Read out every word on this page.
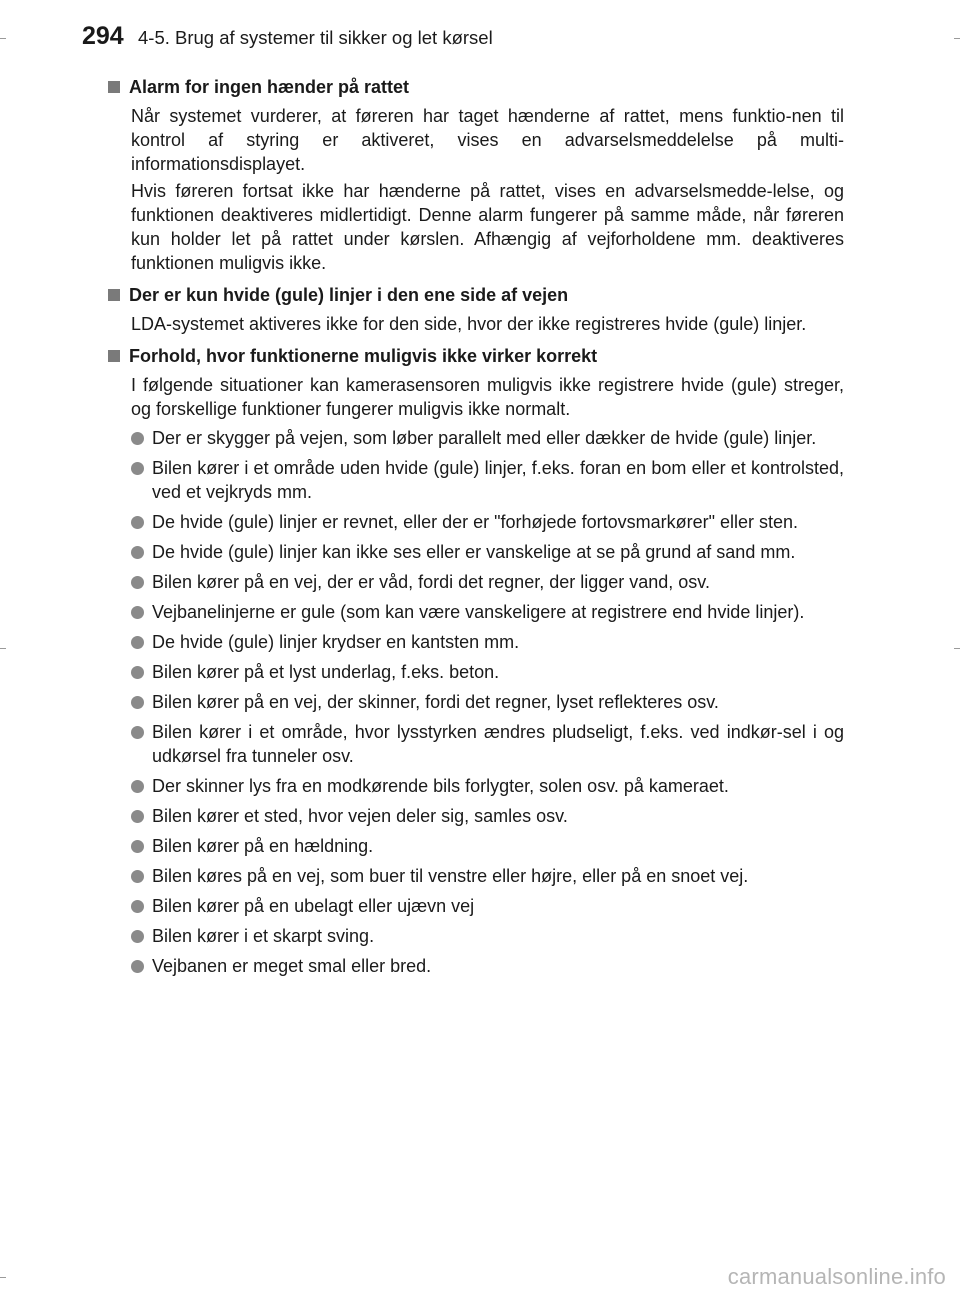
294 4-5. Brug af systemer til sikker og let kørsel
Alarm for ingen hænder på rattet
Når systemet vurderer, at føreren har taget hænderne af rattet, mens funktio-nen til kontrol af styring er aktiveret, vises en advarselsmeddelelse på multi-informationsdisplayet.
Hvis føreren fortsat ikke har hænderne på rattet, vises en advarselsmedde-lelse, og funktionen deaktiveres midlertidigt. Denne alarm fungerer på samme måde, når føreren kun holder let på rattet under kørslen. Afhængig af vejforholdene mm. deaktiveres funktionen muligvis ikke.
Der er kun hvide (gule) linjer i den ene side af vejen
LDA-systemet aktiveres ikke for den side, hvor der ikke registreres hvide (gule) linjer.
Forhold, hvor funktionerne muligvis ikke virker korrekt
I følgende situationer kan kamerasensoren muligvis ikke registrere hvide (gule) streger, og forskellige funktioner fungerer muligvis ikke normalt.
Der er skygger på vejen, som løber parallelt med eller dækker de hvide (gule) linjer.
Bilen kører i et område uden hvide (gule) linjer, f.eks. foran en bom eller et kontrolsted, ved et vejkryds mm.
De hvide (gule) linjer er revnet, eller der er "forhøjede fortovsmarkører" eller sten.
De hvide (gule) linjer kan ikke ses eller er vanskelige at se på grund af sand mm.
Bilen kører på en vej, der er våd, fordi det regner, der ligger vand, osv.
Vejbanelinjerne er gule (som kan være vanskeligere at registrere end hvide linjer).
De hvide (gule) linjer krydser en kantsten mm.
Bilen kører på et lyst underlag, f.eks. beton.
Bilen kører på en vej, der skinner, fordi det regner, lyset reflekteres osv.
Bilen kører i et område, hvor lysstyrken ændres pludseligt, f.eks. ved indkør-sel i og udkørsel fra tunneler osv.
Der skinner lys fra en modkørende bils forlygter, solen osv. på kameraet.
Bilen kører et sted, hvor vejen deler sig, samles osv.
Bilen kører på en hældning.
Bilen køres på en vej, som buer til venstre eller højre, eller på en snoet vej.
Bilen kører på en ubelagt eller ujævn vej
Bilen kører i et skarpt sving.
Vejbanen er meget smal eller bred.
carmanualsonline.info
